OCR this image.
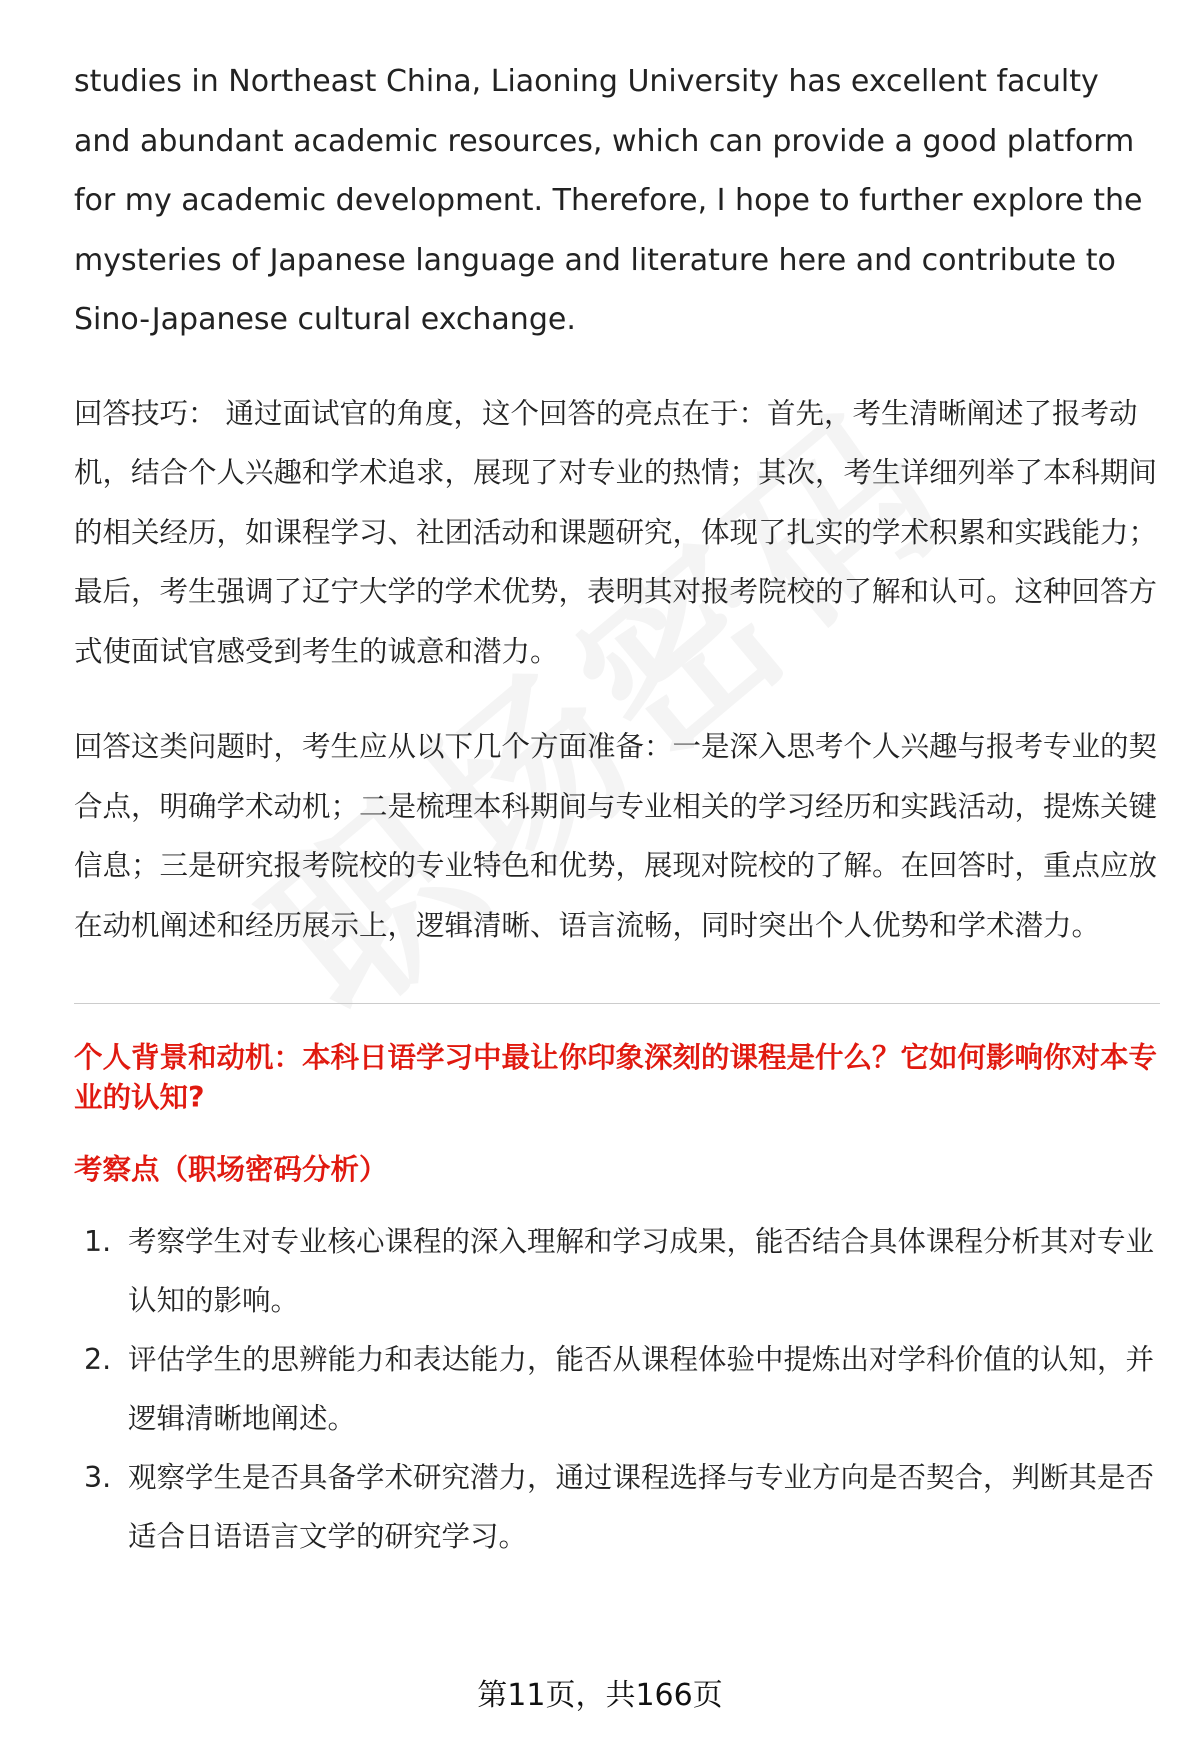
studies in Northeast China, Liaoning University has excellent faculty and abundant academic resources, which can provide a good platform for my academic development. Therefore, I hope to further explore the mysteries of Japanese language and literature here and contribute to Sino-Japanese cultural exchange.

回答技巧： 通过面试官的角度，这个回答的亮点在于：首先，考生清晰阐述了报考动机，结合个人兴趣和学术追求，展现了对专业的热情；其次，考生详细列举了本科期间的相关经历，如课程学习、社团活动和课题研究，体现了扎实的学术积累和实践能力；最后，考生强调了辽宁大学的学术优势，表明其对报考院校的了解和认可。这种回答方式使面试官感受到考生的诚意和潜力。

回答这类问题时，考生应从以下几个方面准备：一是深入思考个人兴趣与报考专业的契合点，明确学术动机；二是梳理本科期间与专业相关的学习经历和实践活动，提炼关键信息；三是研究报考院校的专业特色和优势，展现对院校的了解。在回答时，重点应放在动机阐述和经历展示上，逻辑清晰、语言流畅，同时突出个人优势和学术潜力。

个人背景和动机：本科日语学习中最让你印象深刻的课程是什么？它如何影响你对本专业的认知?

考察点（职场密码分析）

1. 考察学生对专业核心课程的深入理解和学习成果，能否结合具体课程分析其对专业认知的影响。
2. 评估学生的思辨能力和表达能力，能否从课程体验中提炼出对学科价值的认知，并逻辑清晰地阐述。
3. 观察学生是否具备学术研究潜力，通过课程选择与专业方向是否契合，判断其是否适合日语语言文学的研究学习。
第11页，共166页
